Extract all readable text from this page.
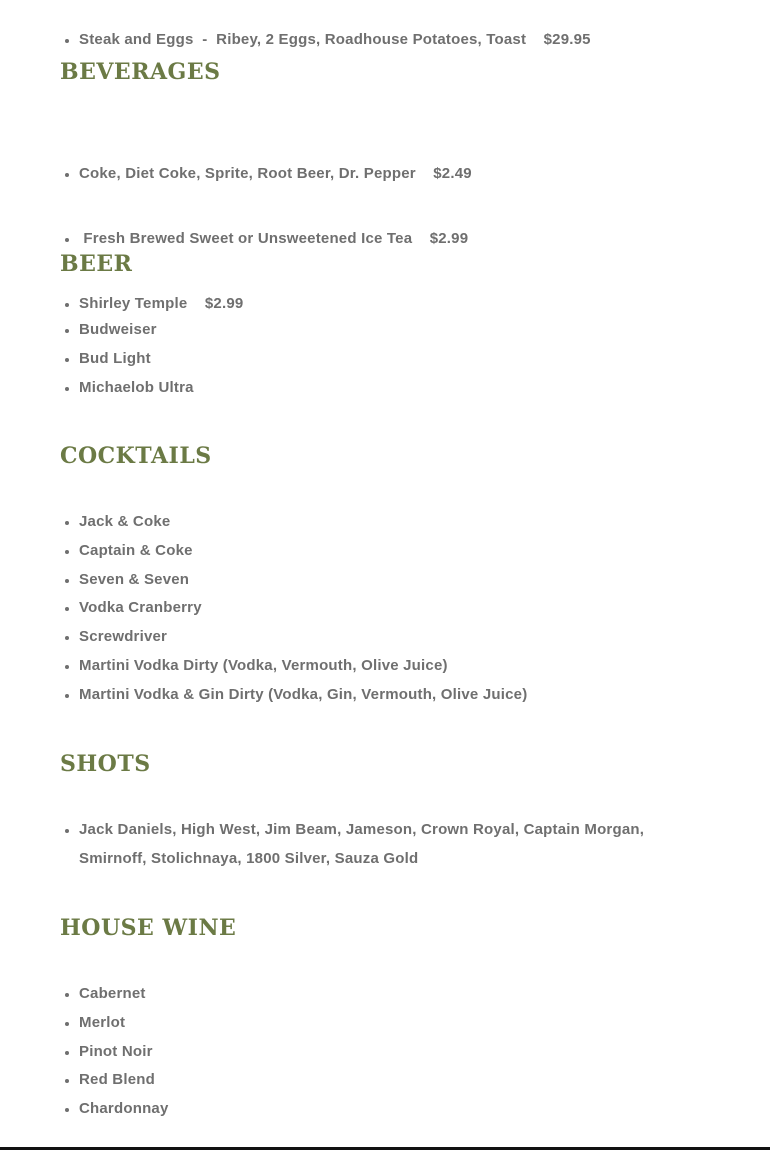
• Steak and Eggs  -  Ribey, 2 Eggs, Roadhouse Potatoes, Toast    $29.95

BEVERAGES

• Coke, Diet Coke, Sprite, Root Beer, Dr. Pepper    $2.49

•  Fresh Brewed Sweet or Unsweetened Ice Tea    $2.99

• Shirley Temple    $2.99

BEER
• Budweiser
• Bud Light
• Michaelob Ultra
COCKTAILS
• Jack & Coke
• Captain & Coke
• Seven & Seven
• Vodka Cranberry
• Screwdriver
• Martini Vodka Dirty (Vodka, Vermouth, Olive Juice)
• Martini Vodka & Gin Dirty (Vodka, Gin, Vermouth, Olive Juice)
SHOTS
• Jack Daniels, High West, Jim Beam, Jameson, Crown Royal, Captain Morgan, Smirnoff, Stolichnaya, 1800 Silver, Sauza Gold
HOUSE WINE
• Cabernet
• Merlot
• Pinot Noir
• Red Blend
• Chardonnay
